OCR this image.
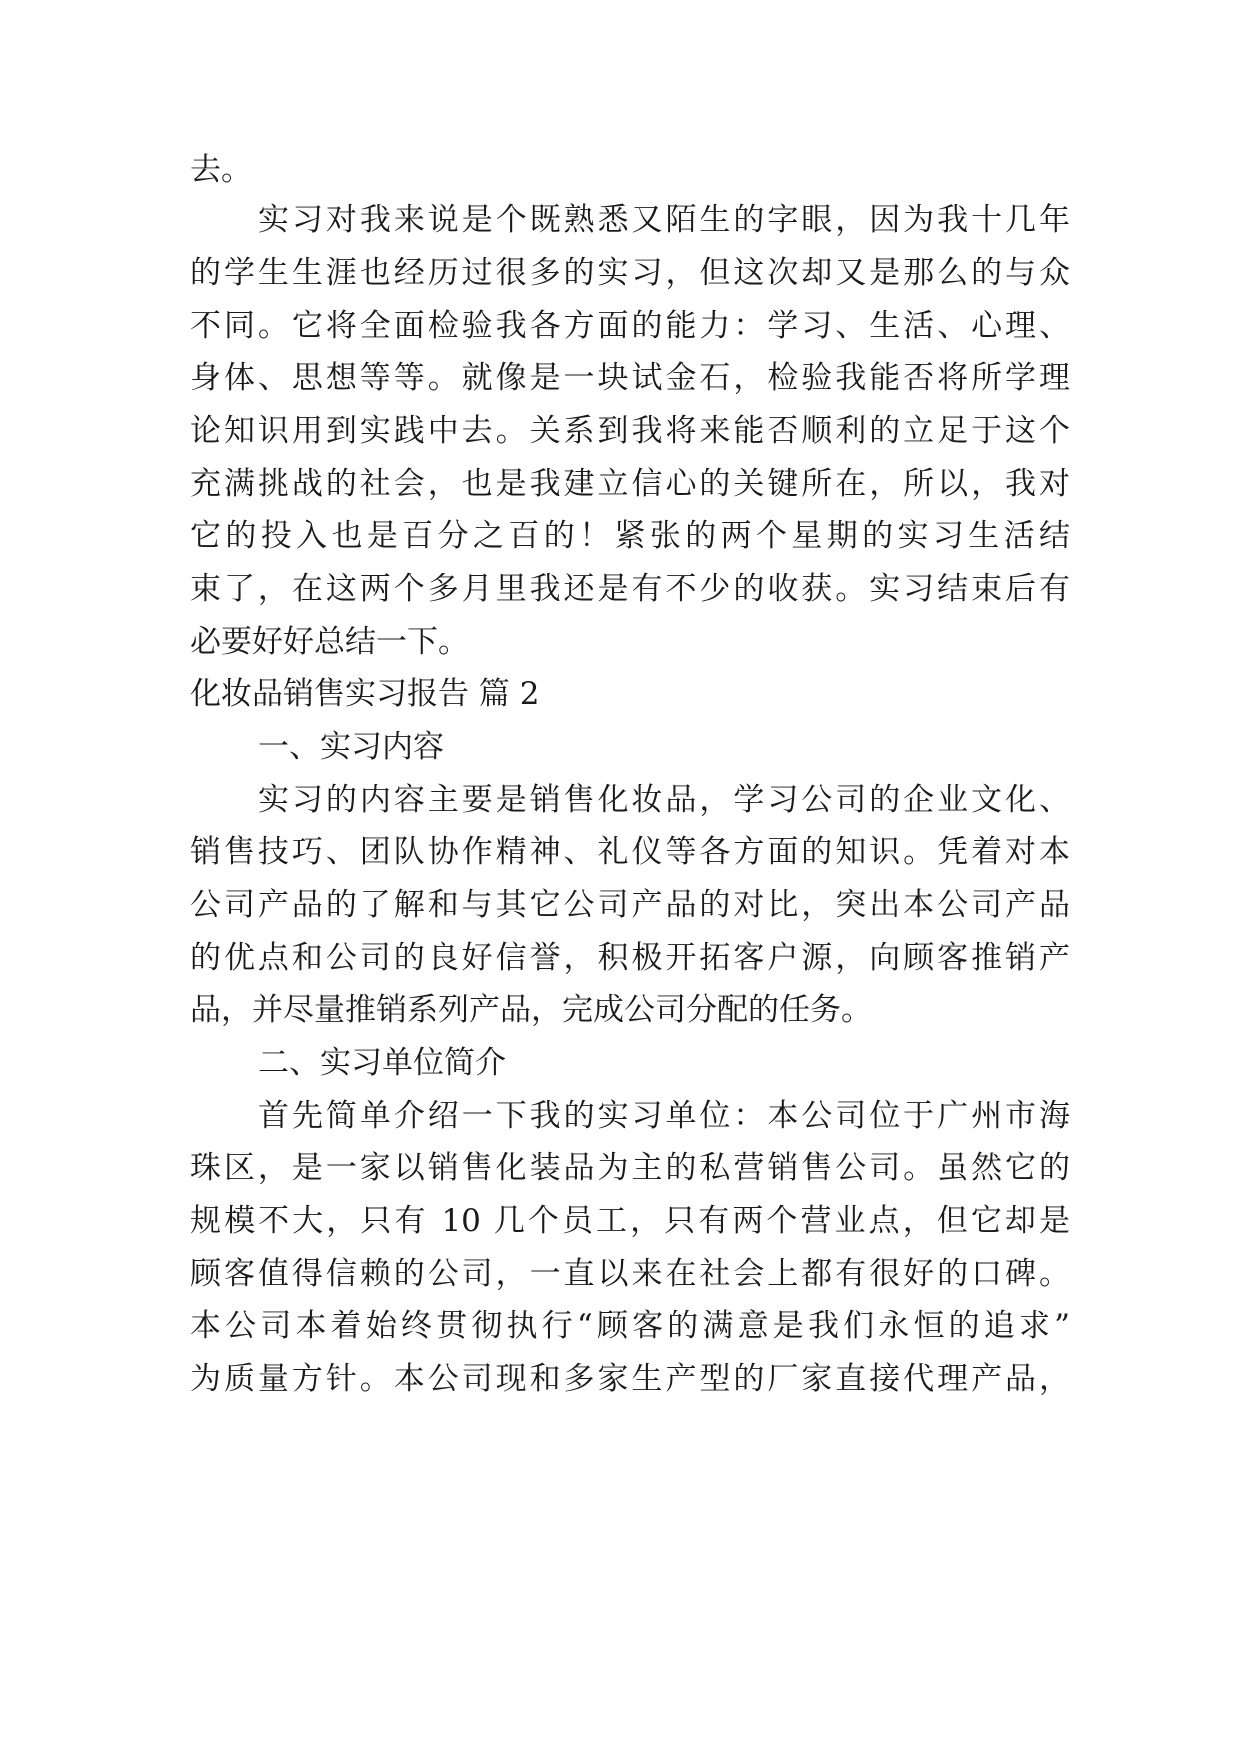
去。
实习对我来说是个既熟悉又陌生的字眼，因为我十几年
的学生生涯也经历过很多的实习，但这次却又是那么的与众
不同。它将全面检验我各方面的能力：学习、生活、心理、
身体、思想等等。就像是一块试金石，检验我能否将所学理
论知识用到实践中去。关系到我将来能否顺利的立足于这个
充满挑战的社会，也是我建立信心的关键所在，所以，我对
它的投入也是百分之百的！紧张的两个星期的实习生活结
束了，在这两个多月里我还是有不少的收获。实习结束后有
必要好好总结一下。
化妆品销售实习报告 篇 2
一、实习内容
实习的内容主要是销售化妆品，学习公司的企业文化、
销售技巧、团队协作精神、礼仪等各方面的知识。凭着对本
公司产品的了解和与其它公司产品的对比，突出本公司产品
的优点和公司的良好信誉，积极开拓客户源，向顾客推销产
品，并尽量推销系列产品，完成公司分配的任务。
二、实习单位简介
首先简单介绍一下我的实习单位：本公司位于广州市海
珠区，是一家以销售化装品为主的私营销售公司。虽然它的
规模不大，只有 10 几个员工，只有两个营业点，但它却是
顾客值得信赖的公司，一直以来在社会上都有很好的口碑。
本公司本着始终贯彻执行“顾客的满意是我们永恒的追求”
为质量方针。本公司现和多家生产型的厂家直接代理产品，
